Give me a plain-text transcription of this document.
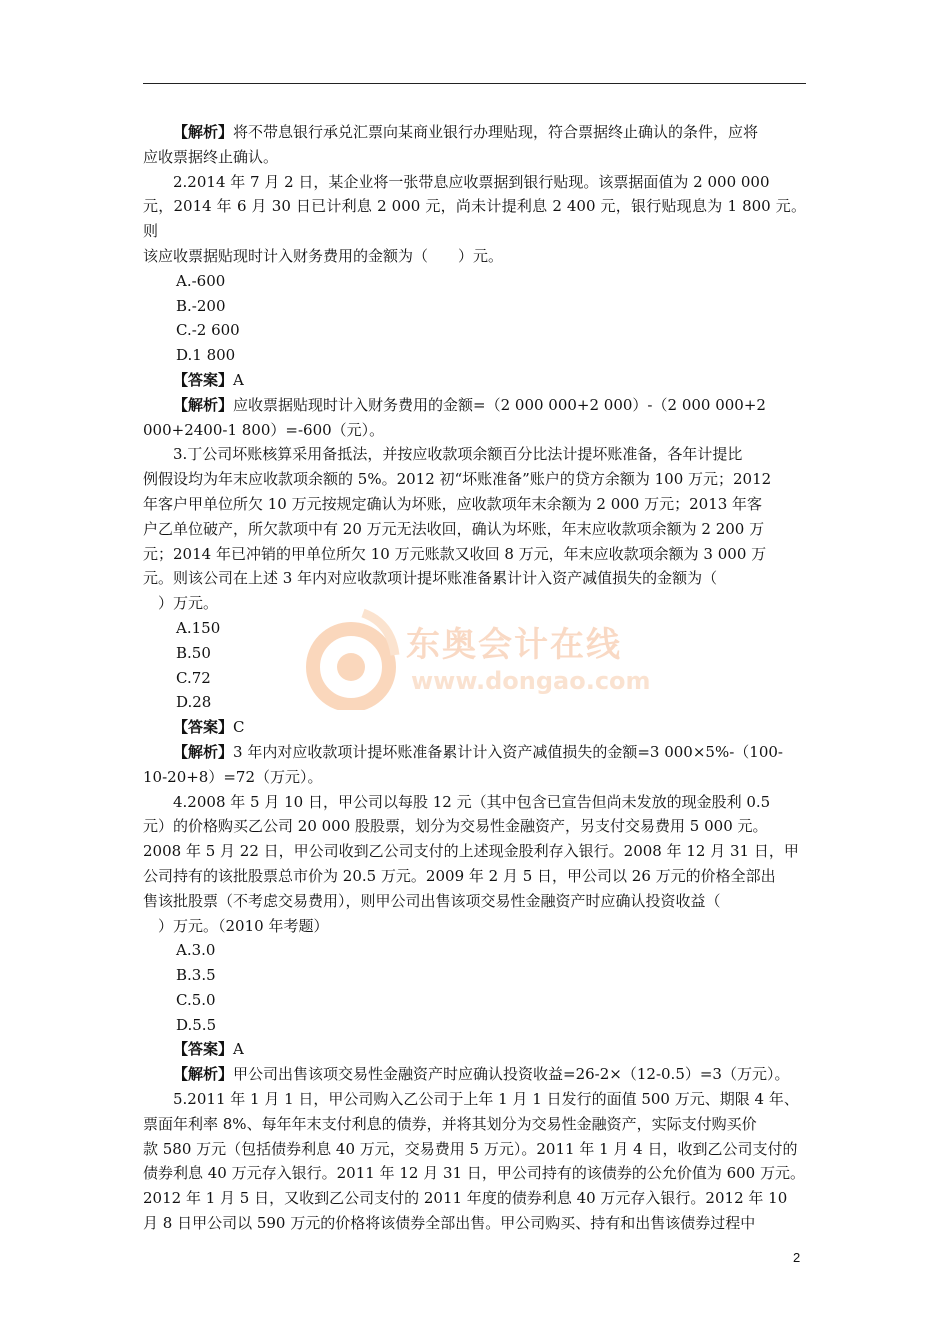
东奥会计在线
www.dongao.com

【解析】将不带息银行承兑汇票向某商业银行办理贴现，符合票据终止确认的条件，应将

应收票据终止确认。

2.2014 年 7 月 2 日，某企业将一张带息应收票据到银行贴现。该票据面值为 2 000 000

元，2014 年 6 月 30 日已计利息 2 000 元，尚未计提利息 2 400 元，银行贴现息为 1 800 元。则

该应收票据贴现时计入财务费用的金额为（　　）元。

A.-600

B.-200

C.-2 600

D.1 800

【答案】A

【解析】应收票据贴现时计入财务费用的金额=（2 000 000+2 000）-（2 000 000+2

000+2400-1 800）=-600（元）。

3.丁公司坏账核算采用备抵法，并按应收款项余额百分比法计提坏账准备，各年计提比

例假设均为年末应收款项余额的 5%。2012 初“坏账准备”账户的贷方余额为 100 万元；2012

年客户甲单位所欠 10 万元按规定确认为坏账，应收款项年末余额为 2 000 万元；2013 年客

户乙单位破产，所欠款项中有 20 万元无法收回，确认为坏账，年末应收款项余额为 2 200 万

元；2014 年已冲销的甲单位所欠 10 万元账款又收回 8 万元，年末应收款项余额为 3 000 万

元。则该公司在上述 3 年内对应收款项计提坏账准备累计计入资产减值损失的金额为（

　）万元。

A.150

B.50

C.72

D.28

【答案】C

【解析】3 年内对应收款项计提坏账准备累计计入资产减值损失的金额=3 000×5%-（100-

10-20+8）=72（万元）。

4.2008 年 5 月 10 日，甲公司以每股 12 元（其中包含已宣告但尚未发放的现金股利 0.5

元）的价格购买乙公司 20 000 股股票，划分为交易性金融资产，另支付交易费用 5 000 元。

2008 年 5 月 22 日，甲公司收到乙公司支付的上述现金股利存入银行。2008 年 12 月 31 日，甲

公司持有的该批股票总市价为 20.5 万元。2009 年 2 月 5 日，甲公司以 26 万元的价格全部出

售该批股票（不考虑交易费用），则甲公司出售该项交易性金融资产时应确认投资收益（

　）万元。（2010 年考题）

A.3.0

B.3.5

C.5.0

D.5.5

【答案】A

【解析】甲公司出售该项交易性金融资产时应确认投资收益=26-2×（12-0.5）=3（万元）。

5.2011 年 1 月 1 日，甲公司购入乙公司于上年 1 月 1 日发行的面值 500 万元、期限 4 年、

票面年利率 8%、每年年末支付利息的债券，并将其划分为交易性金融资产，实际支付购买价

款 580 万元（包括债券利息 40 万元，交易费用 5 万元）。2011 年 1 月 4 日，收到乙公司支付的

债券利息 40 万元存入银行。2011 年 12 月 31 日，甲公司持有的该债券的公允价值为 600 万元。

2012 年 1 月 5 日，又收到乙公司支付的 2011 年度的债券利息 40 万元存入银行。2012 年 10

月 8 日甲公司以 590 万元的价格将该债券全部出售。甲公司购买、持有和出售该债券过程中

2
